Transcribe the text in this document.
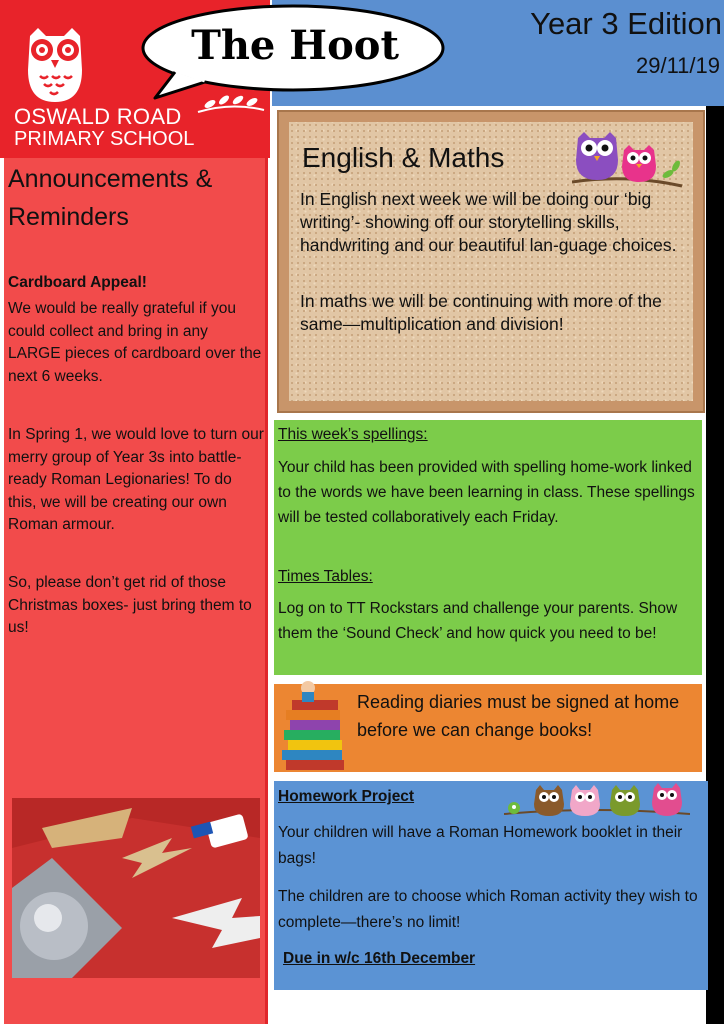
OSWALD ROAD
PRIMARY SCHOOL
Announcements & Reminders
Cardboard Appeal!
We would be really grateful if you could collect and bring in any LARGE pieces of cardboard over the next 6 weeks.
In Spring 1, we would love to turn our merry group of Year 3s into battle-ready Roman Legionaries! To do this, we will be creating our own Roman armour.
So, please don’t get rid of those Christmas boxes- just bring them to us!
Year 3 Edition
29/11/19
The Hoot
English & Maths
In English next week we will be doing our ‘big writing’- showing off our storytelling skills, handwriting and our beautiful lan-guage choices.
In maths we will be continuing with more of the same—multiplication and division!
This week’s spellings:
Your child has been provided with spelling home-work linked to the words we have been learning in class. These spellings will be tested collaboratively each Friday.
Times Tables:
Log on to TT Rockstars and challenge your parents. Show them the ‘Sound Check’ and how quick you need to be!
Reading diaries must be signed at home before we can change books!
Homework Project
Your children will have a Roman Homework booklet in their bags!
The children are to choose which Roman activity they wish to complete—there’s no limit!
Due in w/c 16th December
